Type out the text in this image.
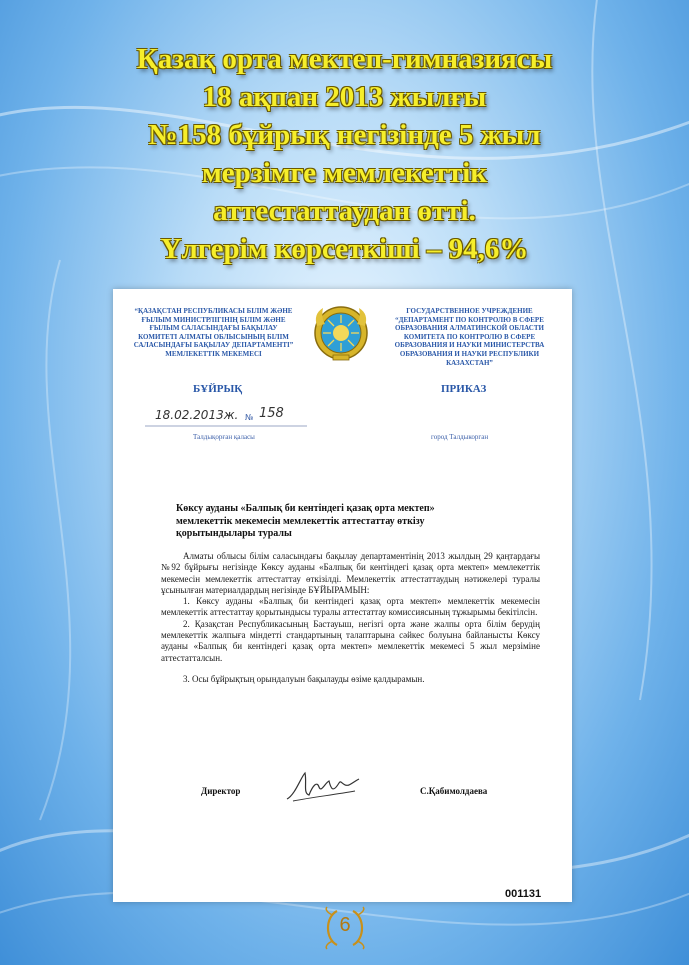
Қазақ орта мектеп-гимназиясы
18 ақпан 2013 жылғы
№158 бұйрық негізінде 5 жыл
мерзімге мемлекеттік
аттестаттаудан өтті.
Үлгерім көрсеткіші – 94,6%
“ҚАЗАҚСТАН РЕСПУБЛИКАСЫ БІЛІМ ЖӘНЕ ҒЫЛЫМ МИНИСТРЛІГІНІҢ БІЛІМ ЖӘНЕ ҒЫЛЫМ САЛАСЫНДАҒЫ БАҚЫЛАУ КОМИТЕТІ АЛМАТЫ ОБЛЫСЫНЫҢ БІЛІМ САЛАСЫНДАҒЫ БАҚЫЛАУ ДЕПАРТАМЕНТІ” МЕМЛЕКЕТТІК МЕКЕМЕСІ
ГОСУДАРСТВЕННОЕ УЧРЕЖДЕНИЕ “ДЕПАРТАМЕНТ ПО КОНТРОЛЮ В СФЕРЕ ОБРАЗОВАНИЯ АЛМАТИНСКОЙ ОБЛАСТИ КОМИТЕТА ПО КОНТРОЛЮ В СФЕРЕ ОБРАЗОВАНИЯ И НАУКИ МИНИСТЕРСТВА ОБРАЗОВАНИЯ И НАУКИ РЕСПУБЛИКИ КАЗАХСТАН”
БҰЙРЫҚ	ПРИКАЗ
18.02.2013ж. № 158
Талдықорған қаласы	город Талдыкорган
Көксу ауданы «Балпық би кентіндегі қазақ орта мектеп» мемлекеттік мекемесін мемлекеттік аттестаттау өткізу қорытындылары туралы

Алматы облысы білім саласындағы бақылау департаментінің 2013 жылдың 29 қаңтардағы №92 бұйрығы негізінде Көксу ауданы «Балпық би кентіндегі қазақ орта мектеп» мемлекеттік мекемесін мемлекеттік аттестаттау өткізілді. Мемлекеттік аттестаттаудың нәтижелері туралы ұсынылған материалдардың негізінде БҰЙЫРАМЫН:

1. Көксу ауданы «Балпық би кентіндегі қазақ орта мектеп» мемлекеттік мекемесін мемлекеттік аттестаттау қорытындысы туралы аттестаттау комиссиясының тұжырымы бекітілсін.

2. Қазақстан Республикасының Бастауыш, негізгі орта және жалпы орта білім берудің мемлекеттік жалпыға міндетті стандартының талаптарына сәйкес болуына байланысты Көксу ауданы «Балпық би кентіндегі қазақ орта мектеп» мемлекеттік мекемесі 5 жыл мерзіміне аттестатталсын.

3. Осы бұйрықтың орындалуын бақылауды өзіме қалдырамын.

Директор	С.Қабимолдаева
001131
6
